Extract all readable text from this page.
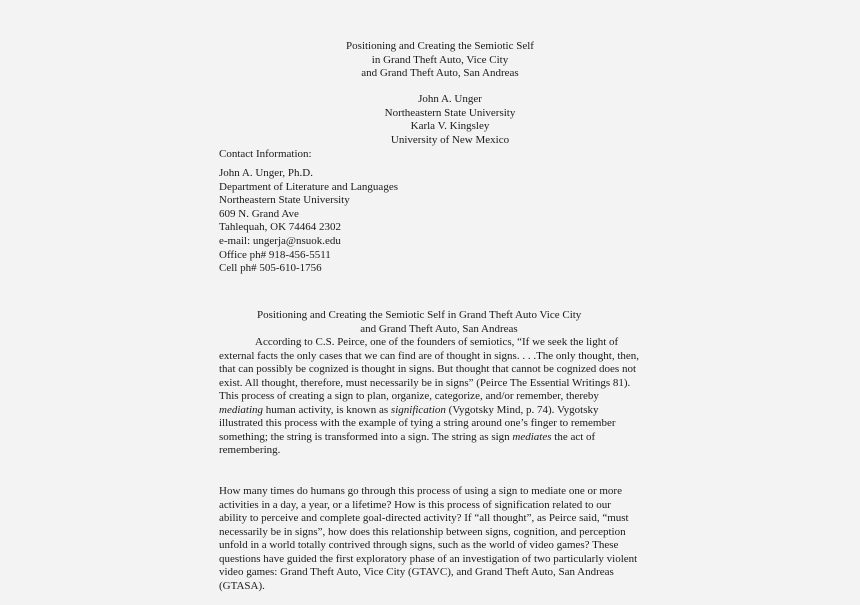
Positioning and Creating the Semiotic Self
in Grand Theft Auto, Vice City
and Grand Theft Auto, San Andreas
John A. Unger
Northeastern State University
Karla V. Kingsley
University of New Mexico
Contact Information:
John A. Unger, Ph.D.
Department of Literature and Languages
Northeastern State University
609 N. Grand Ave
Tahlequah, OK 74464 2302
e-mail: ungerja@nsuok.edu
Office ph# 918-456-5511
Cell ph# 505-610-1756
Positioning and Creating the Semiotic Self in Grand Theft Auto Vice City
and Grand Theft Auto, San Andreas
According to C.S. Peirce, one of the founders of semiotics, “If we seek the light of external facts the only cases that we can find are of thought in signs. . . .The only thought, then, that can possibly be cognized is thought in signs. But thought that cannot be cognized does not exist. All thought, therefore, must necessarily be in signs” (Peirce The Essential Writings 81). This process of creating a sign to plan, organize, categorize, and/or remember, thereby mediating human activity, is known as signification (Vygotsky Mind, p. 74). Vygotsky illustrated this process with the example of tying a string around one’s finger to remember something; the string is transformed into a sign. The string as sign mediates the act of remembering.
How many times do humans go through this process of using a sign to mediate one or more activities in a day, a year, or a lifetime? How is this process of signification related to our ability to perceive and complete goal-directed activity? If “all thought”, as Peirce said, “must necessarily be in signs”, how does this relationship between signs, cognition, and perception unfold in a world totally contrived through signs, such as the world of video games? These questions have guided the first exploratory phase of an investigation of two particularly violent video games: Grand Theft Auto, Vice City (GTAVC), and Grand Theft Auto, San Andreas (GTASA).
